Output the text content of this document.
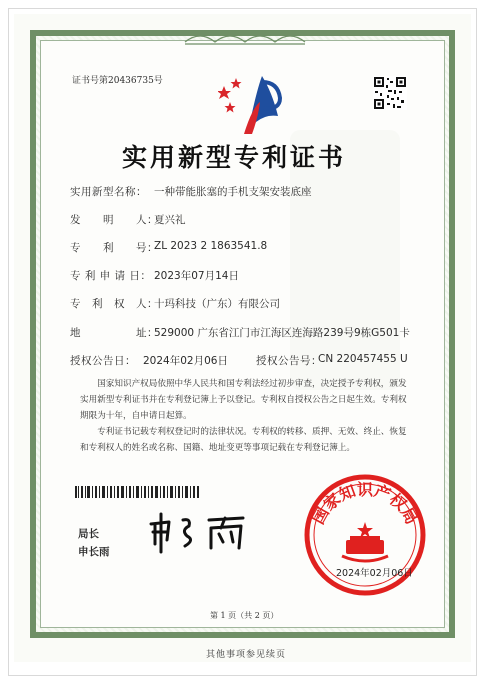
证书号第20436735号
实用新型专利证书
实用新型名称： 一种带能胀塞的手机支架安装底座
发　　明　　人：
夏兴礼
专　　利　　号：
ZL 2023 2 1863541.8
专 利 申 请 日： 2023年07月14日
专　利　权　人：
十玛科技（广东）有限公司
地　　　　　址：
529000 广东省江门市江海区连海路239号9栋G501卡
授权公告日： 2024年02月06日	授权公告号：
CN 220457455 U
国家知识产权局依照中华人民共和国专利法经过初步审查，决定授予专利权，颁发实用新型专利证书并在专利登记簿上予以登记。专利权自授权公告之日起生效。专利权期限为十年，自申请日起算。
专利证书记载专利权登记时的法律状况。专利权的转移、质押、无效、终止、恢复和专利权人的姓名或名称、国籍、地址变更等事项记载在专利登记簿上。
局长
申长雨
国家知识产权局
2024年02月06日
第 1 页（共 2 页）
其他事项参见续页
